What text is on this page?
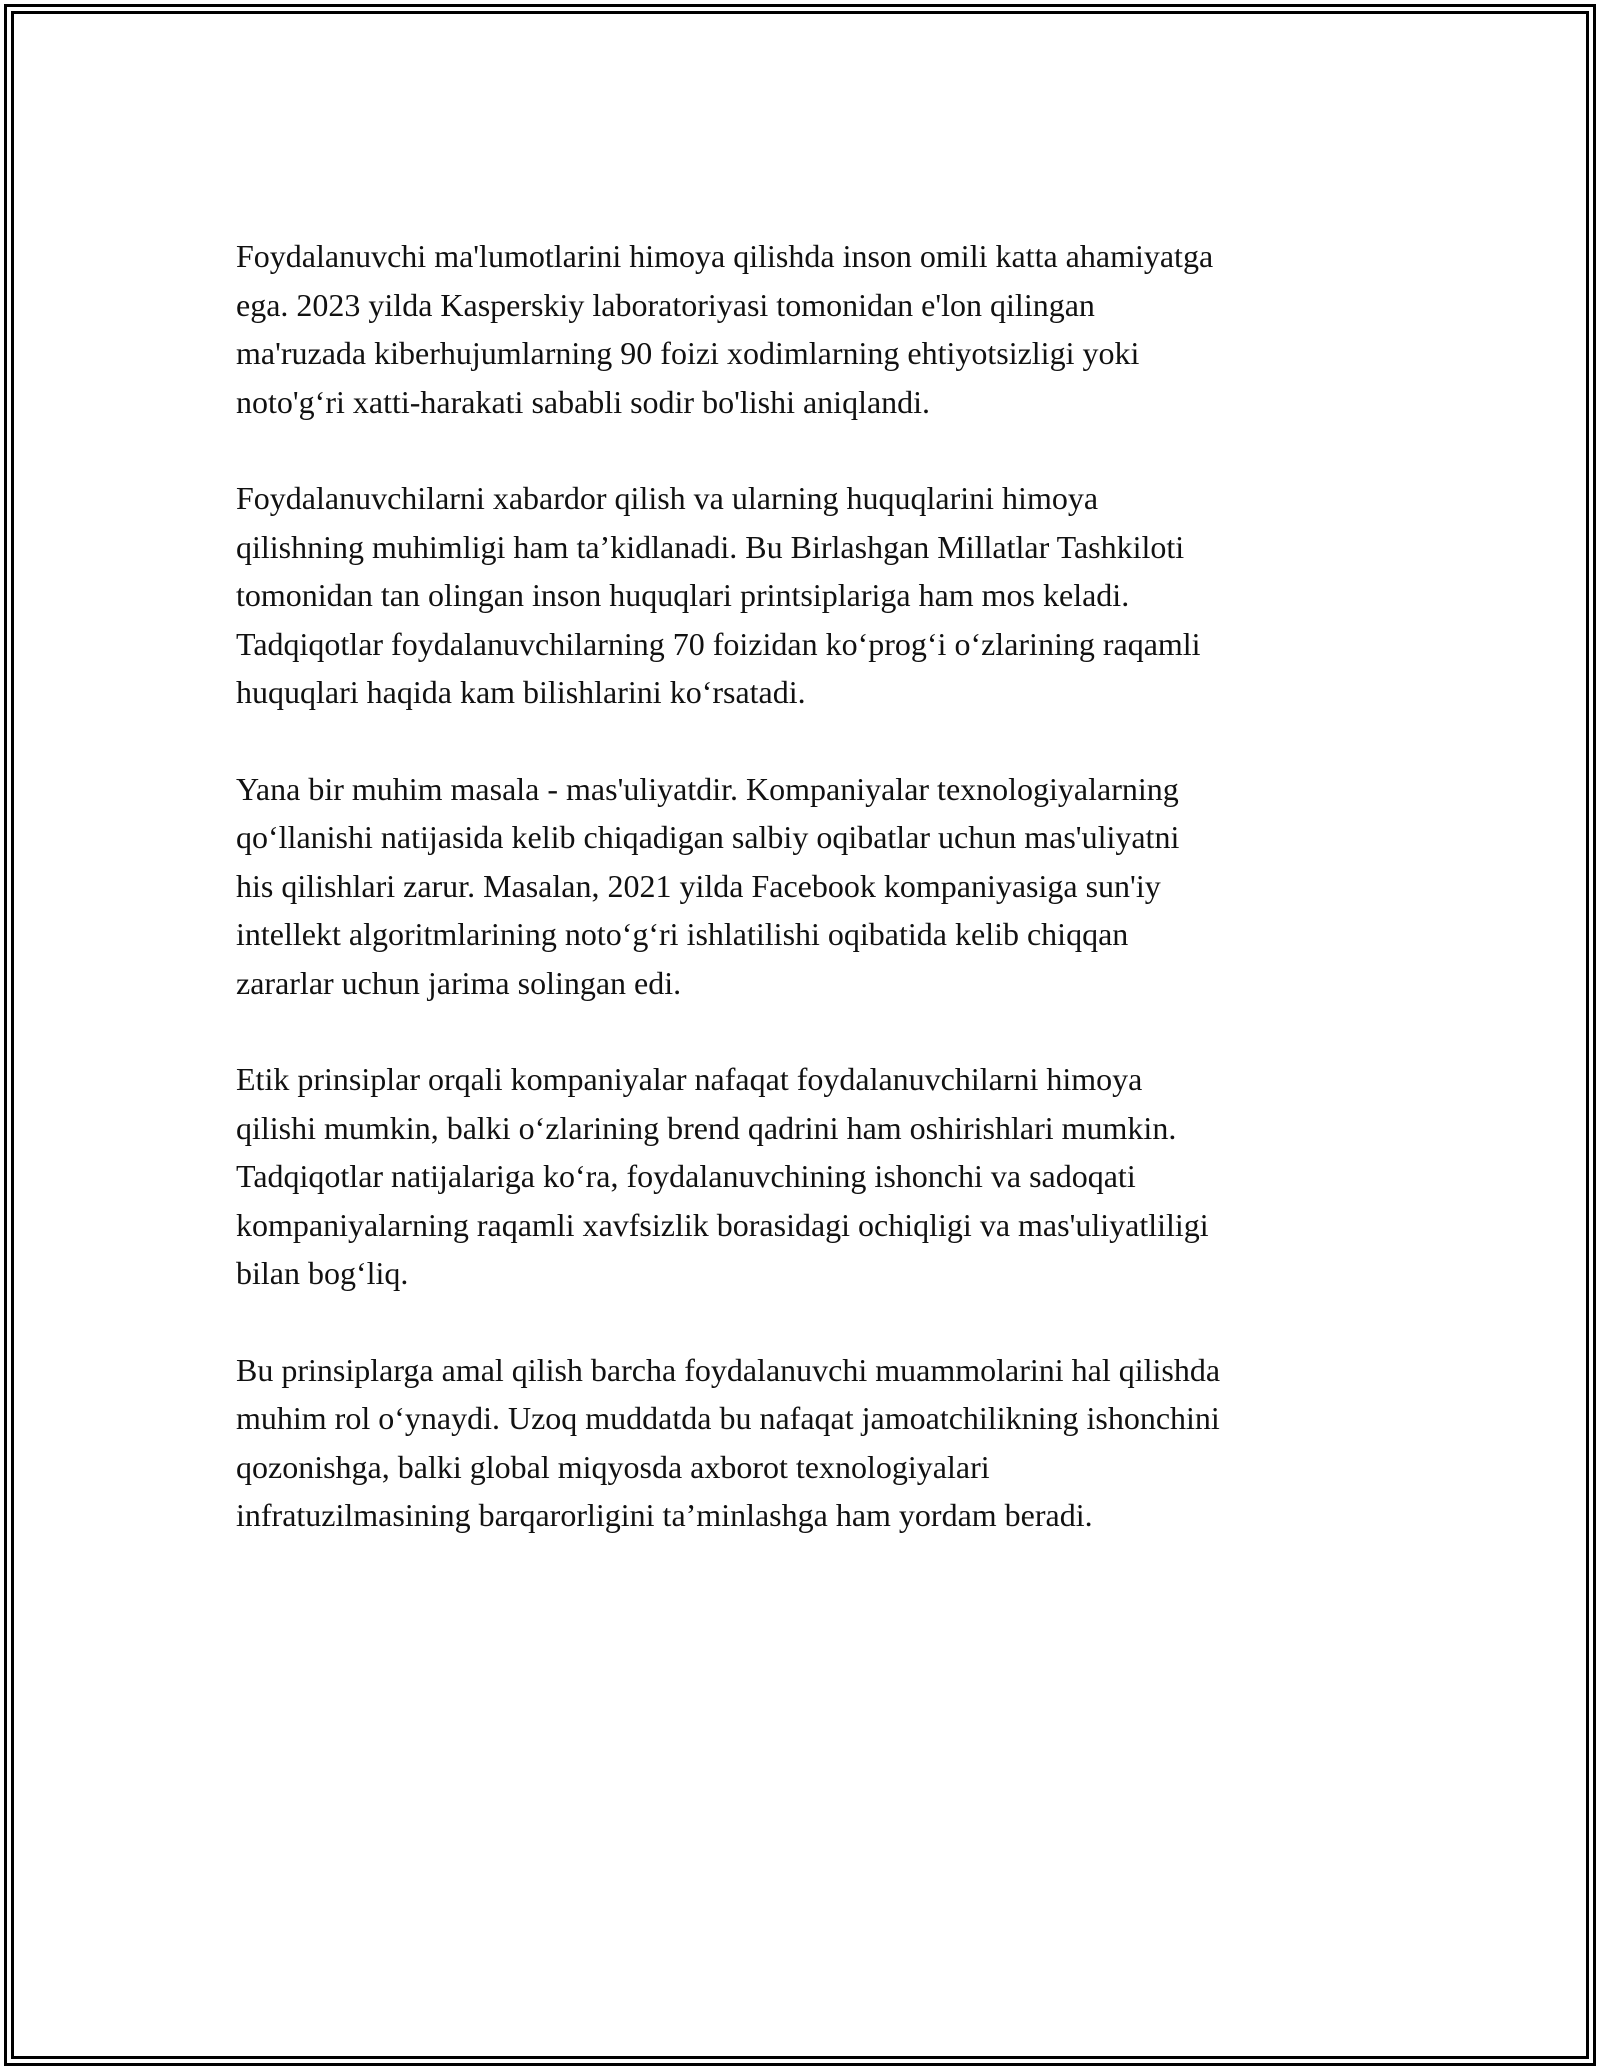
Foydalanuvchi ma'lumotlarini himoya qilishda inson omili katta ahamiyatga
ega. 2023 yilda Kasperskiy laboratoriyasi tomonidan e'lon qilingan
ma'ruzada kiberhujumlarning 90 foizi xodimlarning ehtiyotsizligi yoki
noto'g‘ri xatti-harakati sababli sodir bo'lishi aniqlandi.

Foydalanuvchilarni xabardor qilish va ularning huquqlarini himoya
qilishning muhimligi ham ta’kidlanadi. Bu Birlashgan Millatlar Tashkiloti
tomonidan tan olingan inson huquqlari printsiplariga ham mos keladi.
Tadqiqotlar foydalanuvchilarning 70 foizidan ko‘prog‘i o‘zlarining raqamli
huquqlari haqida kam bilishlarini ko‘rsatadi.

Yana bir muhim masala - mas'uliyatdir. Kompaniyalar texnologiyalarning
qo‘llanishi natijasida kelib chiqadigan salbiy oqibatlar uchun mas'uliyatni
his qilishlari zarur. Masalan, 2021 yilda Facebook kompaniyasiga sun'iy
intellekt algoritmlarining noto‘g‘ri ishlatilishi oqibatida kelib chiqqan
zararlar uchun jarima solingan edi.

Etik prinsiplar orqali kompaniyalar nafaqat foydalanuvchilarni himoya
qilishi mumkin, balki o‘zlarining brend qadrini ham oshirishlari mumkin.
Tadqiqotlar natijalariga ko‘ra, foydalanuvchining ishonchi va sadoqati
kompaniyalarning raqamli xavfsizlik borasidagi ochiqligi va mas'uliyatliligi
bilan bog‘liq.

Bu prinsiplarga amal qilish barcha foydalanuvchi muammolarini hal qilishda
muhim rol o‘ynaydi. Uzoq muddatda bu nafaqat jamoatchilikning ishonchini
qozonishga, balki global miqyosda axborot texnologiyalari
infratuzilmasining barqarorligini ta’minlashga ham yordam beradi.
